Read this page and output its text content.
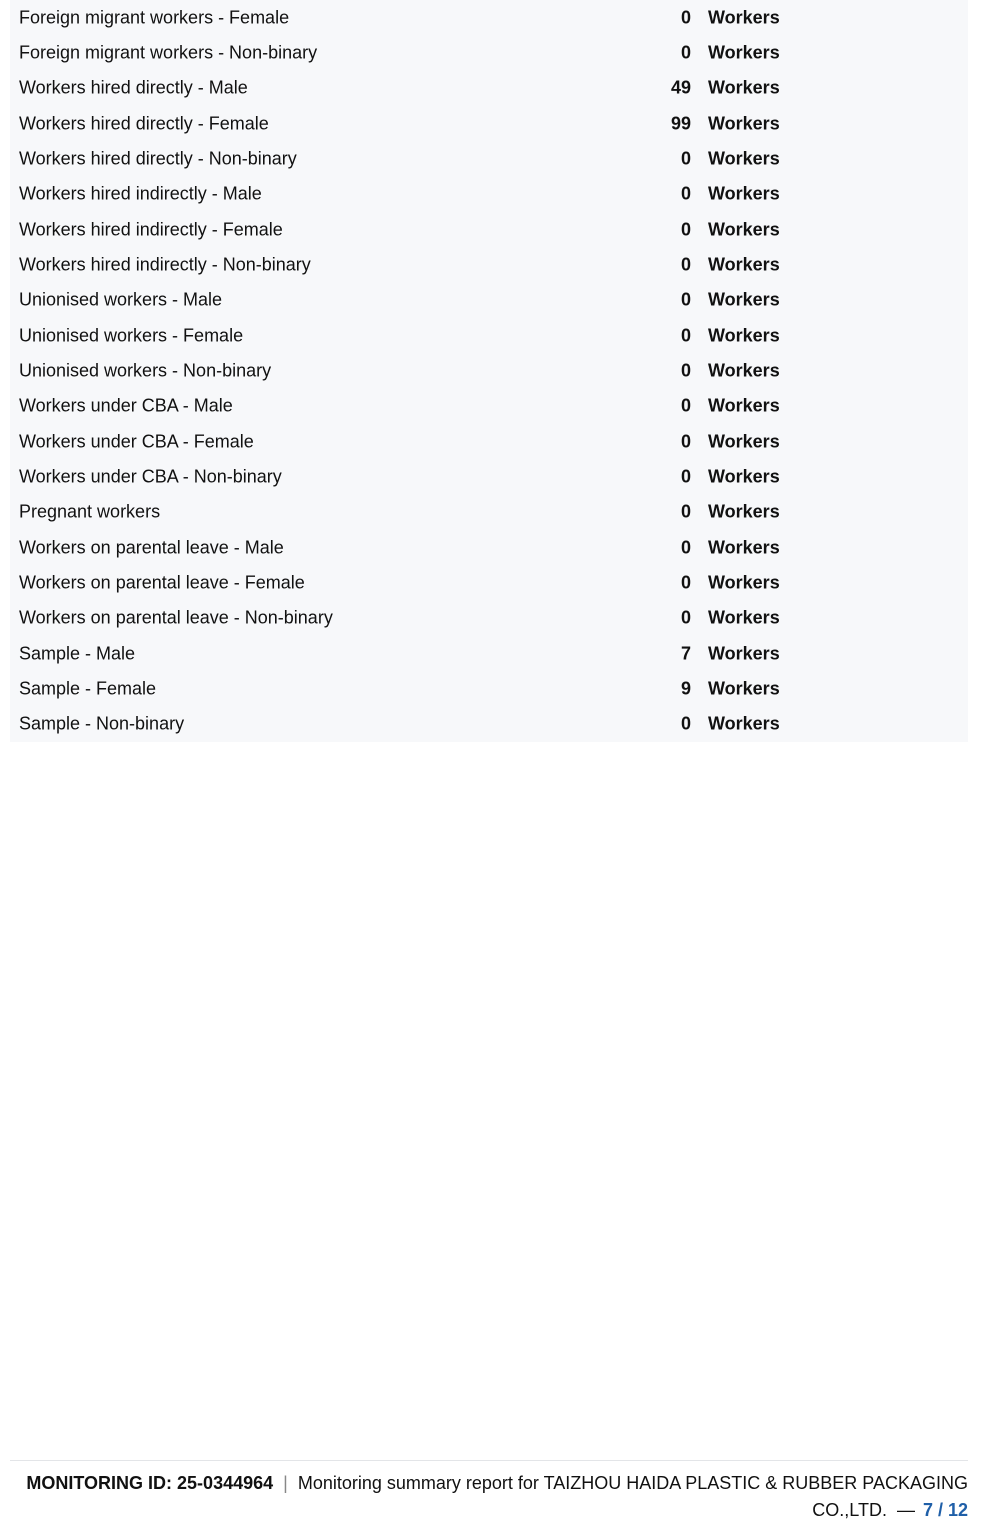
Foreign migrant workers - Female	0 Workers
Foreign migrant workers - Non-binary	0 Workers
Workers hired directly - Male	49 Workers
Workers hired directly - Female	99 Workers
Workers hired directly - Non-binary	0 Workers
Workers hired indirectly - Male	0 Workers
Workers hired indirectly - Female	0 Workers
Workers hired indirectly - Non-binary	0 Workers
Unionised workers - Male	0 Workers
Unionised workers - Female	0 Workers
Unionised workers - Non-binary	0 Workers
Workers under CBA - Male	0 Workers
Workers under CBA - Female	0 Workers
Workers under CBA - Non-binary	0 Workers
Pregnant workers	0 Workers
Workers on parental leave - Male	0 Workers
Workers on parental leave - Female	0 Workers
Workers on parental leave - Non-binary	0 Workers
Sample - Male	7 Workers
Sample - Female	9 Workers
Sample - Non-binary	0 Workers
MONITORING ID: 25-0344964 | Monitoring summary report for TAIZHOU HAIDA PLASTIC & RUBBER PACKAGING CO.,LTD. — 7 / 12
